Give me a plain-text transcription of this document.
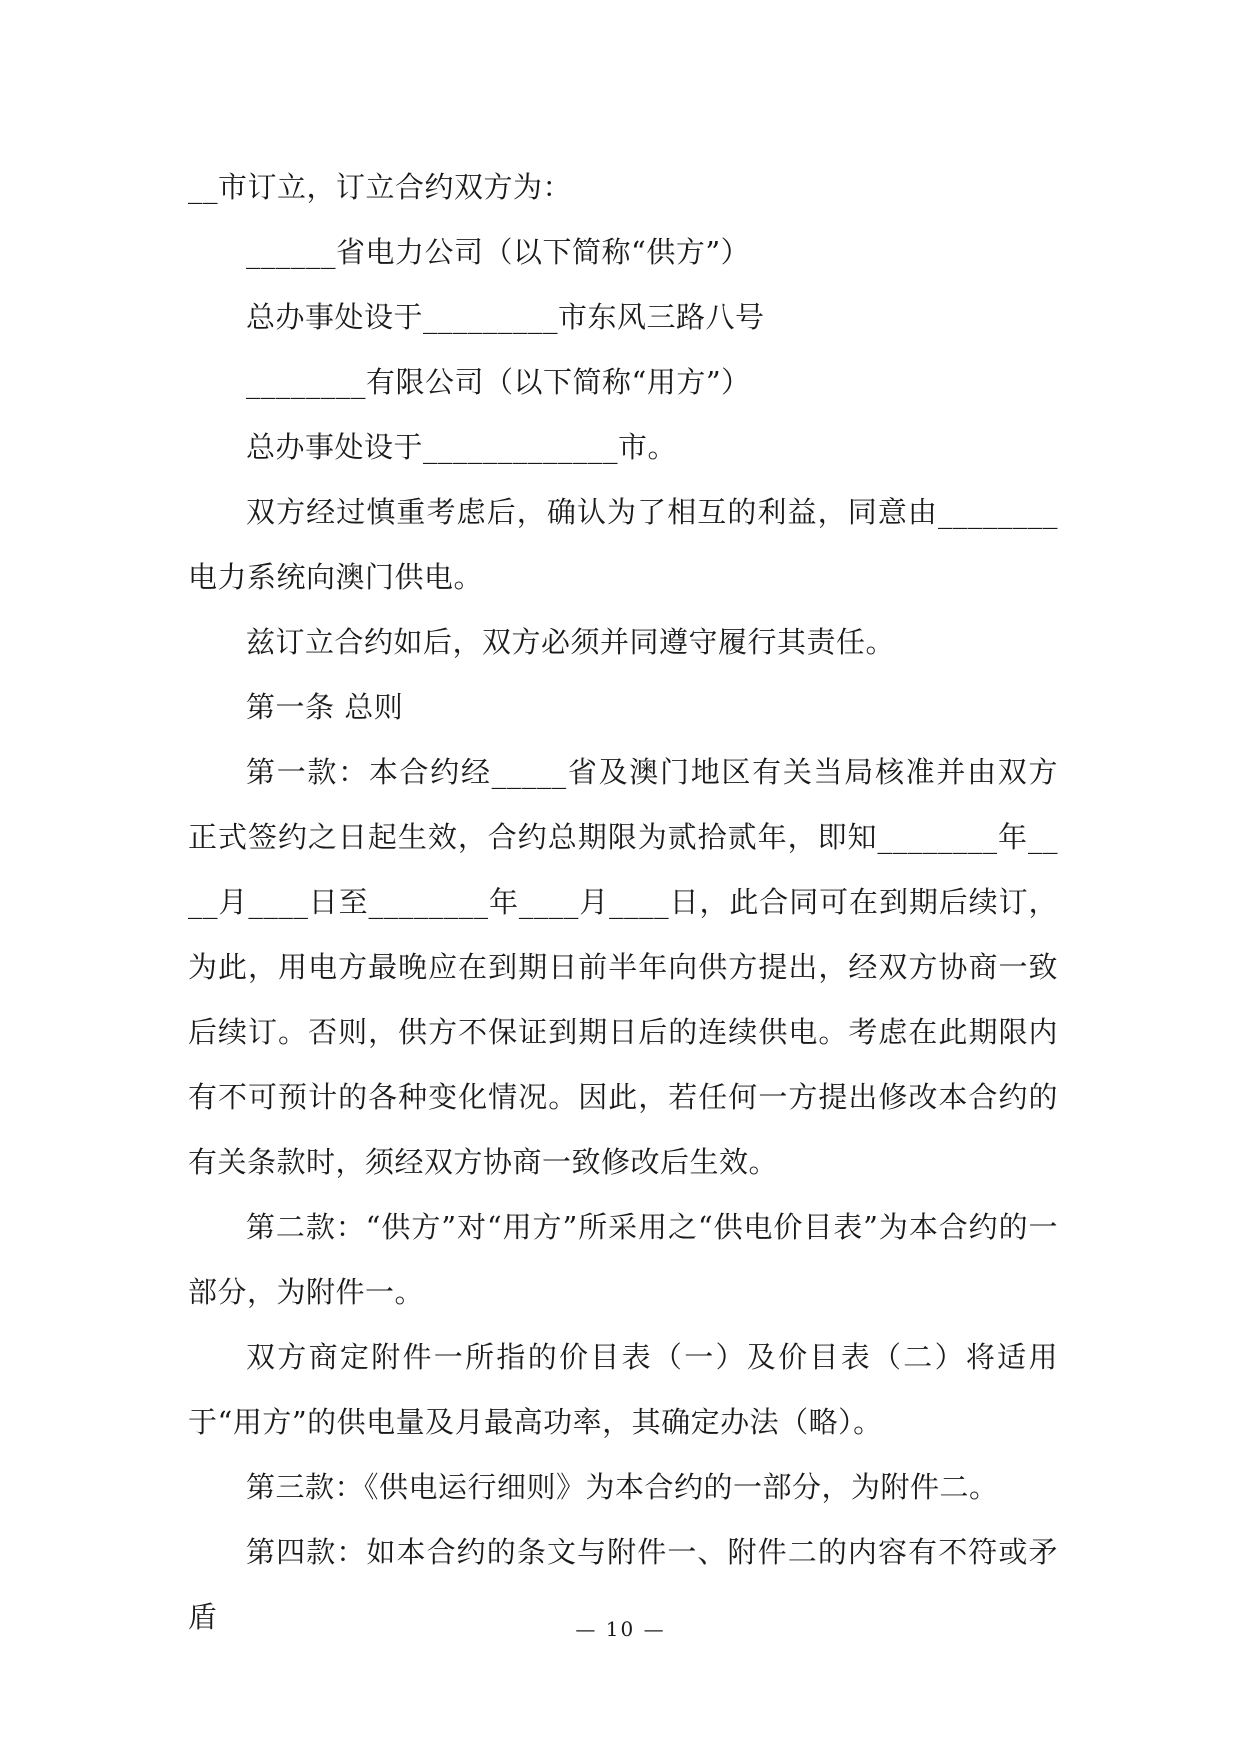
__市订立，订立合约双方为：

______省电力公司（以下简称“供方”）

总办事处设于_________市东风三路八号

________有限公司（以下简称“用方”）

总办事处设于_____________市。

双方经过慎重考虑后，确认为了相互的利益，同意由________电力系统向澳门供电。

兹订立合约如后，双方必须并同遵守履行其责任。

第一条 总则

第一款：本合约经_____省及澳门地区有关当局核准并由双方正式签约之日起生效，合约总期限为贰拾贰年，即知________年____月____日至________年____月____日，此合同可在到期后续订，为此，用电方最晚应在到期日前半年向供方提出，经双方协商一致后续订。否则，供方不保证到期日后的连续供电。考虑在此期限内有不可预计的各种变化情况。因此，若任何一方提出修改本合约的有关条款时，须经双方协商一致修改后生效。

第二款：“供方”对“用方”所采用之“供电价目表”为本合约的一部分，为附件一。

双方商定附件一所指的价目表（一）及价目表（二）将适用于“用方”的供电量及月最高功率，其确定办法（略）。

第三款：《供电运行细则》为本合约的一部分，为附件二。

第四款：如本合约的条文与附件一、附件二的内容有不符或矛盾	— 10 —
